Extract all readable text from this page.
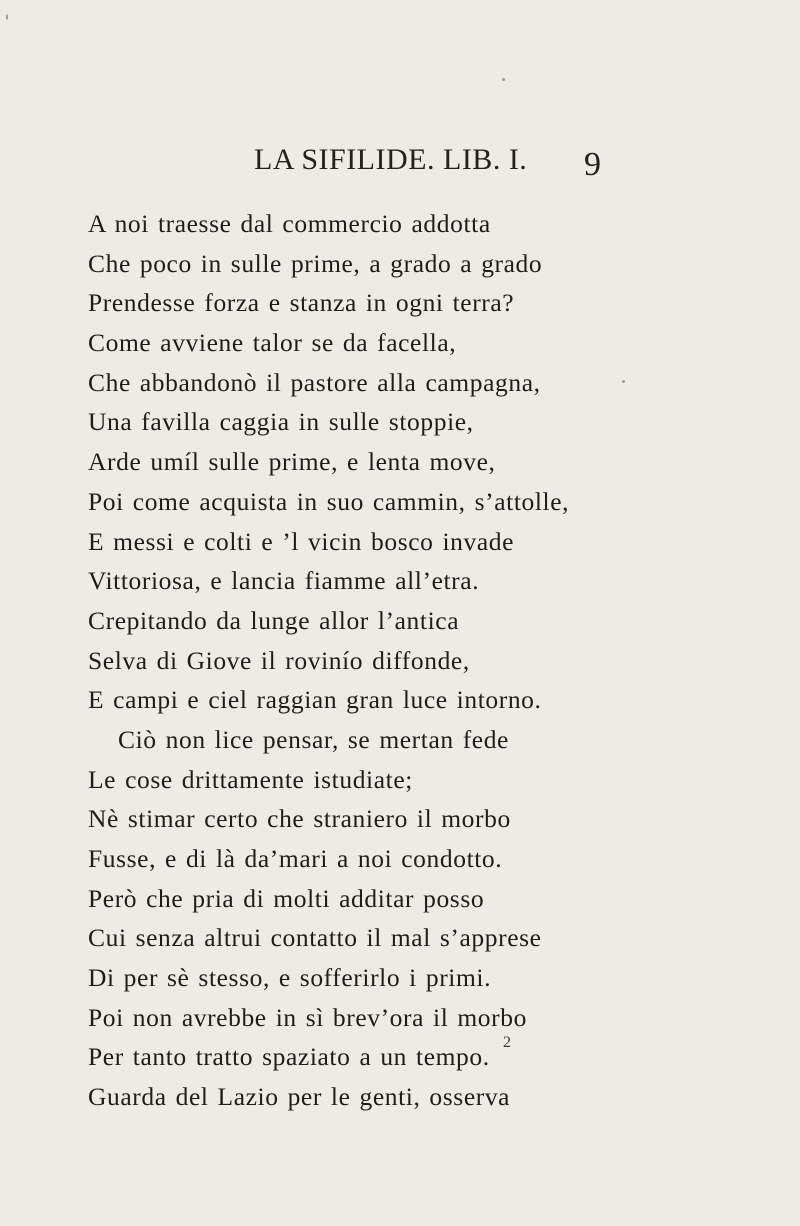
LA SIFILIDE. LIB. I. 9
A noi traesse dal commercio addotta
Che poco in sulle prime, a grado a grado
Prendesse forza e stanza in ogni terra?
Come avviene talor se da facella,
Che abbandonò il pastore alla campagna,
Una favilla caggia in sulle stoppie,
Arde umíl sulle prime, e lenta move,
Poi come acquista in suo cammin, s’attolle,
E messi e colti e ’l vicin bosco invade
Vittoriosa, e lancia fiamme all’etra.
Crepitando da lunge allor l’antica
Selva di Giove il rovinío diffonde,
E campi e ciel raggian gran luce intorno.
Ciò non lice pensar, se mertan fede
Le cose drittamente istudiate;
Nè stimar certo che straniero il morbo
Fusse, e di là da’mari a noi condotto.
Però che pria di molti additar posso
Cui senza altrui contatto il mal s’apprese
Di per sè stesso, e sofferirlo i primi.
Poi non avrebbe in sì brev’ora il morbo
Per tanto tratto spaziato a un tempo.
Guarda del Lazio per le genti, osserva
2
